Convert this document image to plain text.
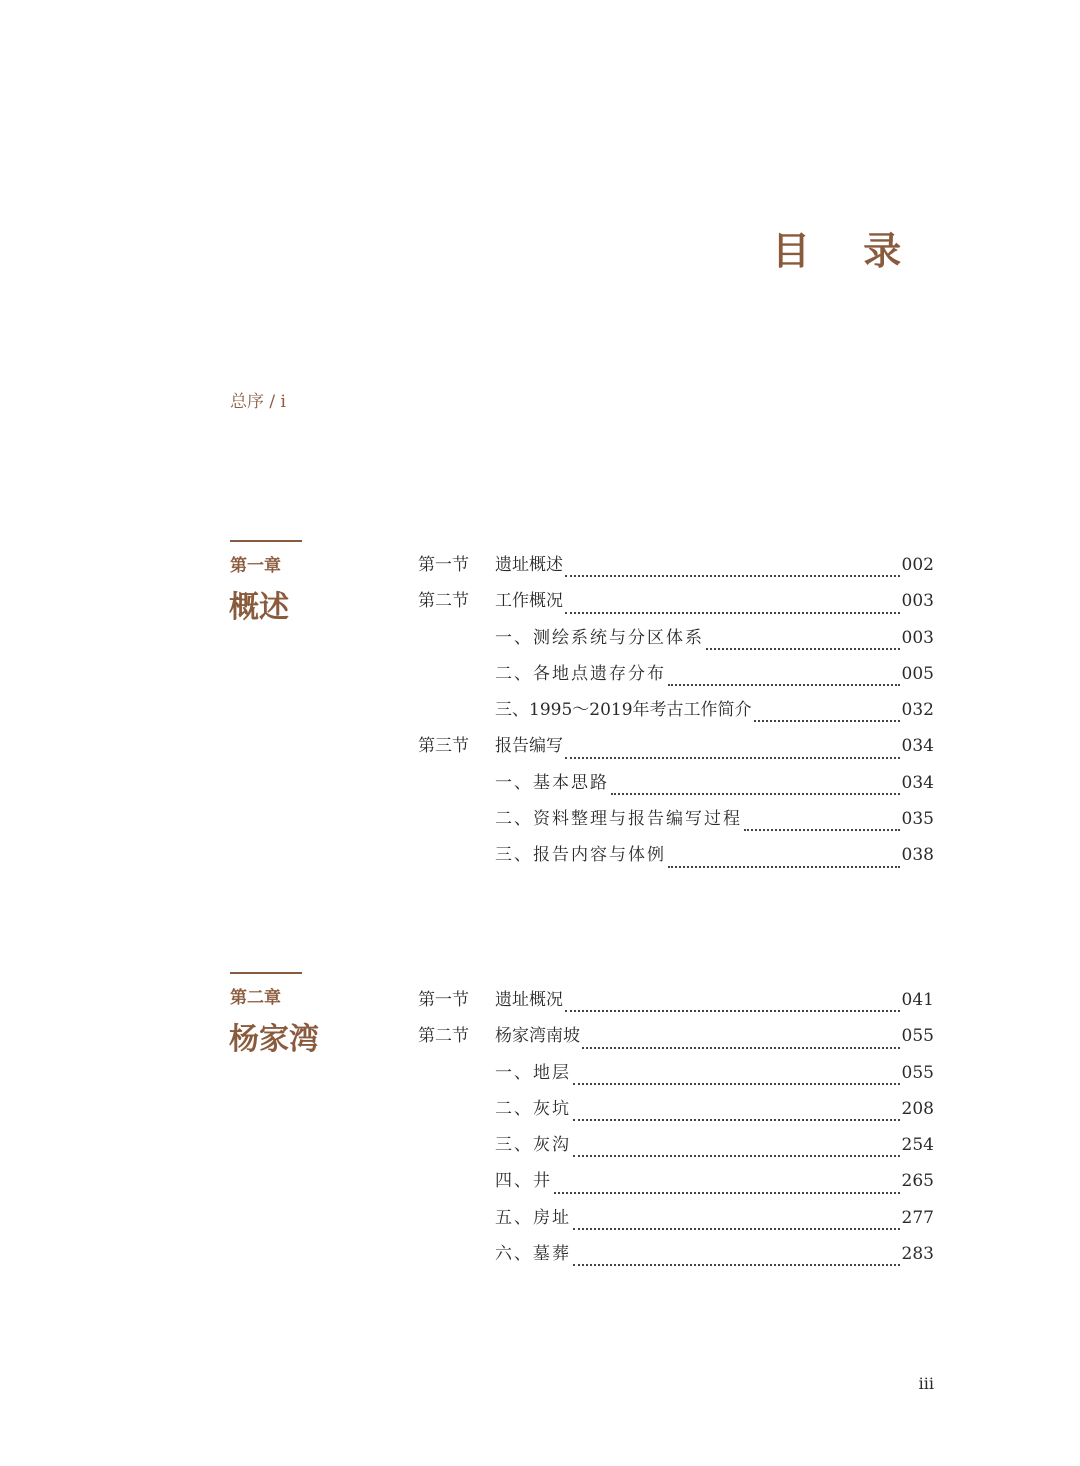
目 录
总序 / i
第一章
概述
第一节	遗址概述	002
第二节	工作概况	003
一、测绘系统与分区体系	003
二、各地点遗存分布	005
三、1995～2019年考古工作简介	032
第三节	报告编写	034
一、基本思路	034
二、资料整理与报告编写过程	035
三、报告内容与体例	038
第二章
杨家湾
第一节	遗址概况	041
第二节	杨家湾南坡	055
一、地层	055
二、灰坑	208
三、灰沟	254
四、井	265
五、房址	277
六、墓葬	283
iii
